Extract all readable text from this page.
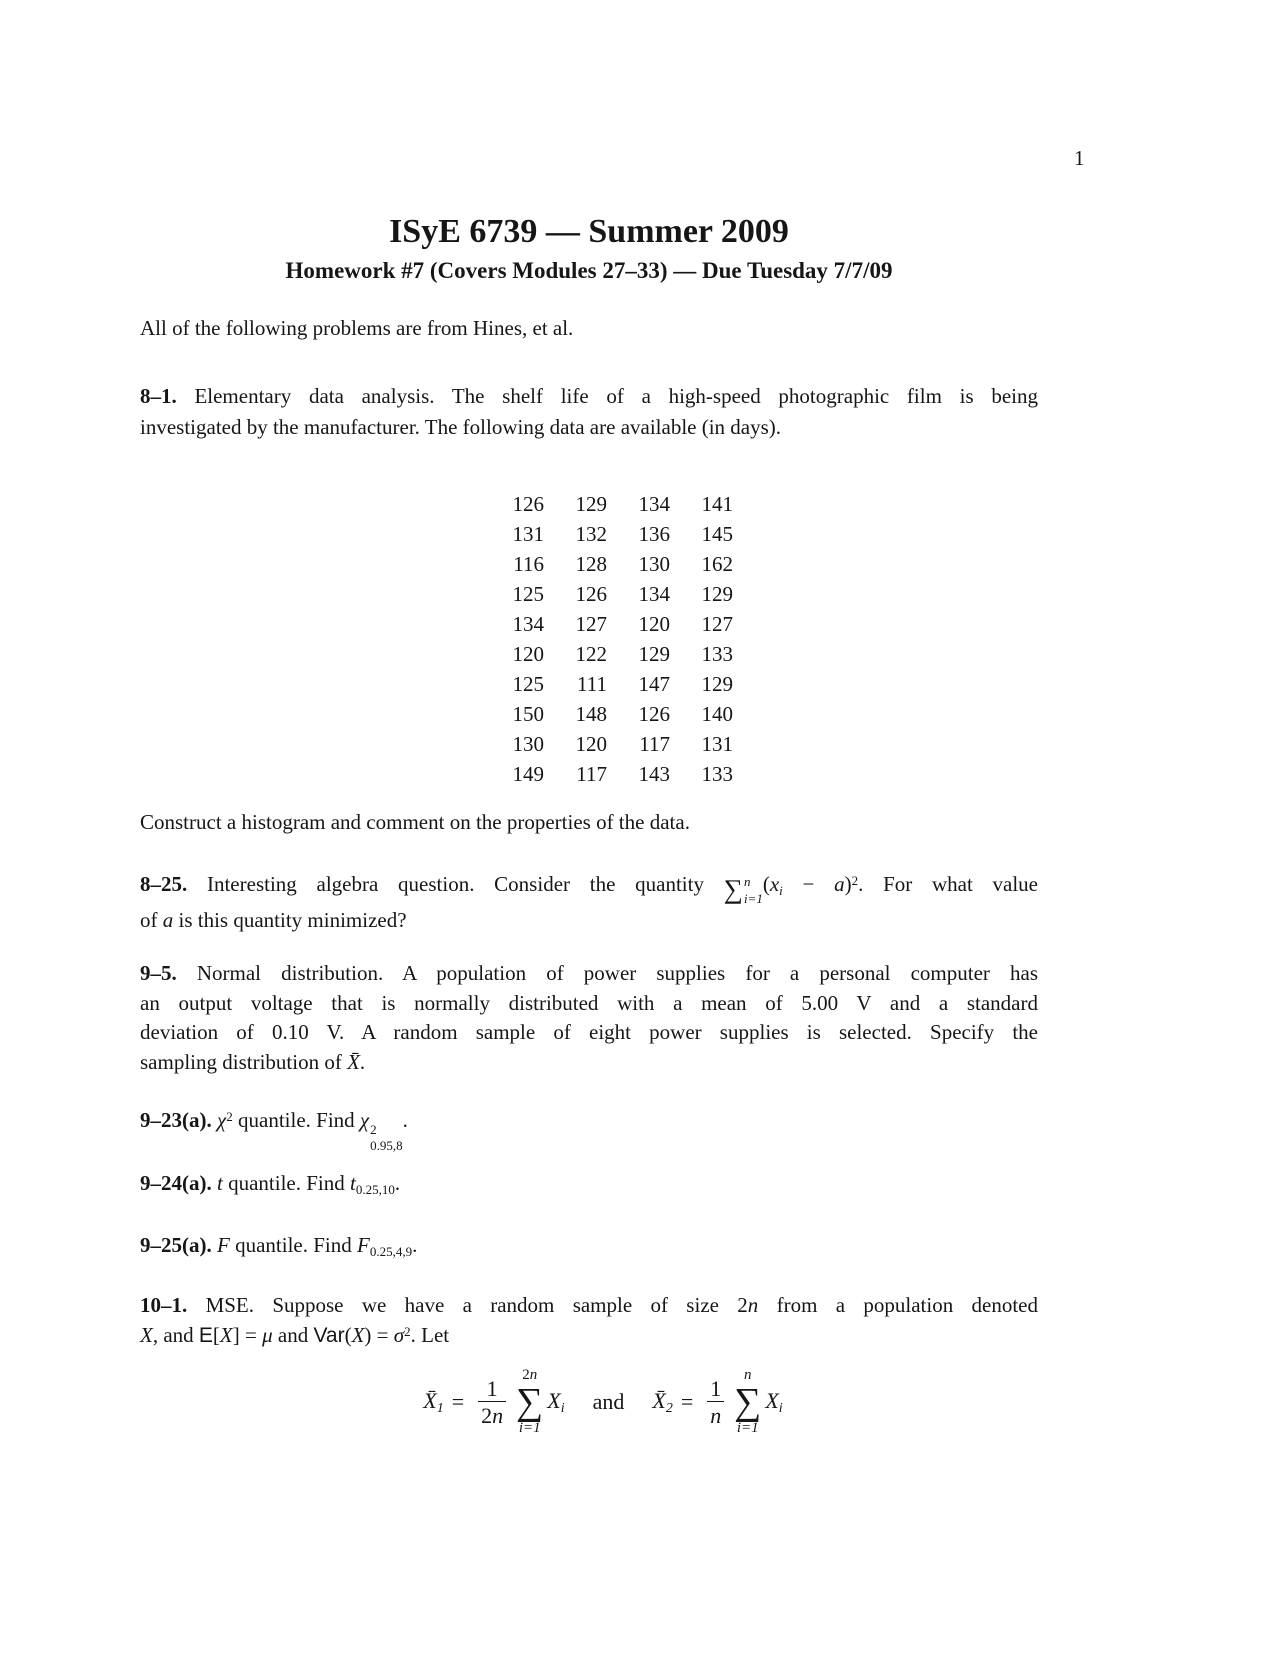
1
ISyE 6739 — Summer 2009
Homework #7 (Covers Modules 27–33) — Due Tuesday 7/7/09
All of the following problems are from Hines, et al.
8–1. Elementary data analysis. The shelf life of a high-speed photographic film is being
investigated by the manufacturer. The following data are available (in days).
126	129	134	141
131	132	136	145
116	128	130	162
125	126	134	129
134	127	120	127
120	122	129	133
125	111	147	129
150	148	126	140
130	120	117	131
149	117	143	133
Construct a histogram and comment on the properties of the data.
8–25. Interesting algebra question. Consider the quantity ∑ n
i=1
$(x_i - a)^2$. For what value
of a is this quantity minimized?
9–5. Normal distribution. A population of power supplies for a personal computer has
an output voltage that is normally distributed with a mean of 5.00 V and a standard
deviation of 0.10 V. A random sample of eight power supplies is selected. Specify the
sampling distribution of X̄.
9–23(a). $\chi^2$ quantile. Find χ 2
0.95,8
.
9–24(a). t quantile. Find $t_{0.25,10}$.
9–25(a). F quantile. Find $F_{0.25,4,9}$.
10–1. MSE. Suppose we have a random sample of size 2n from a population denoted
X, and E[X] = μ and $Var(X) = \sigma^2$. Let
$X̄_1 = \frac{1}{2n}$
2n
∑
i=1
$X_i$ and $X̄_2 = \frac{1}{n}$
n
∑
i=1
$X_i$
